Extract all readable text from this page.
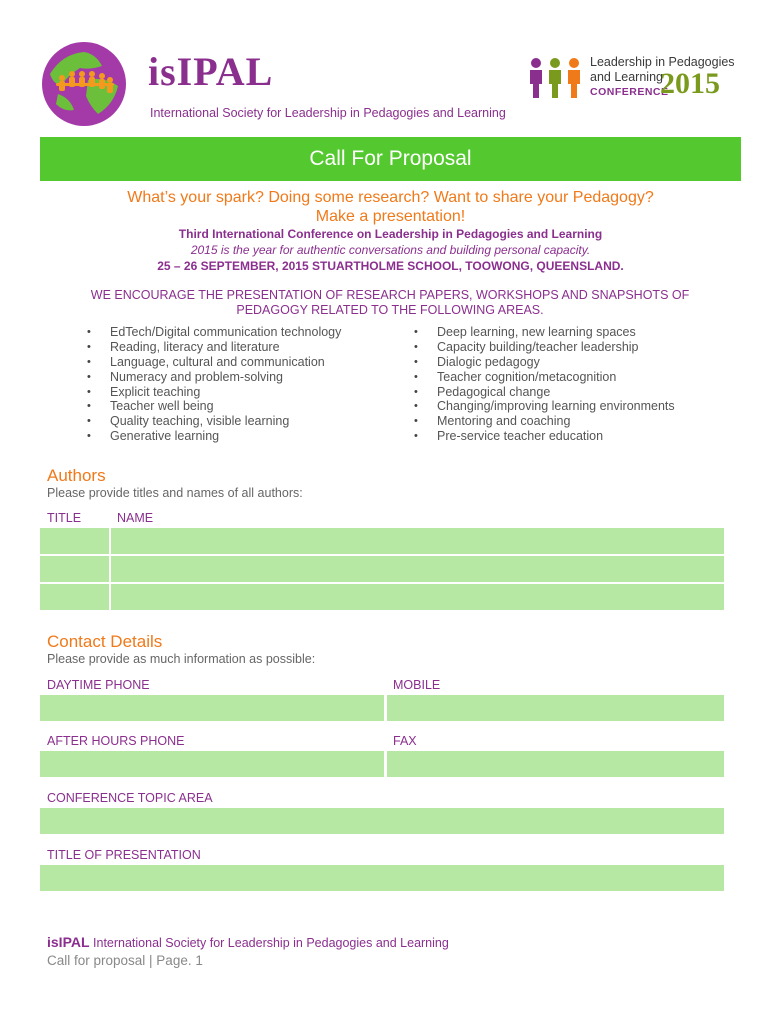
isIPAL
International Society for Leadership in Pedagogies and Learning
Leadership in Pedagogies
and Learning
CONFERENCE
2015
Call For Proposal
What’s your spark? Doing some research? Want to share your Pedagogy?
Make a presentation!
Third International Conference on Leadership in Pedagogies and Learning
2015 is the year for authentic conversations and building personal capacity.
25 – 26 SEPTEMBER, 2015 STUARTHOLME SCHOOL, TOOWONG, QUEENSLAND.
WE ENCOURAGE THE PRESENTATION OF RESEARCH PAPERS, WORKSHOPS AND SNAPSHOTS OF PEDAGOGY RELATED TO THE FOLLOWING AREAS.
• EdTech/Digital communication technology
• Reading, literacy and literature
• Language, cultural and communication
• Numeracy and problem-solving
• Explicit teaching
• Teacher well being
• Quality teaching, visible learning
• Generative learning
• Deep learning, new learning spaces
• Capacity building/teacher leadership
• Dialogic pedagogy
• Teacher cognition/metacognition
• Pedagogical change
• Changing/improving learning environments
• Mentoring and coaching
• Pre-service teacher education
Authors
Please provide titles and names of all authors:
TITLE	NAME
Contact Details
Please provide as much information as possible:
DAYTIME PHONE	MOBILE
AFTER HOURS PHONE	FAX
CONFERENCE TOPIC AREA
TITLE OF PRESENTATION
isIPAL International Society for Leadership in Pedagogies and Learning
Call for proposal | Page. 1
